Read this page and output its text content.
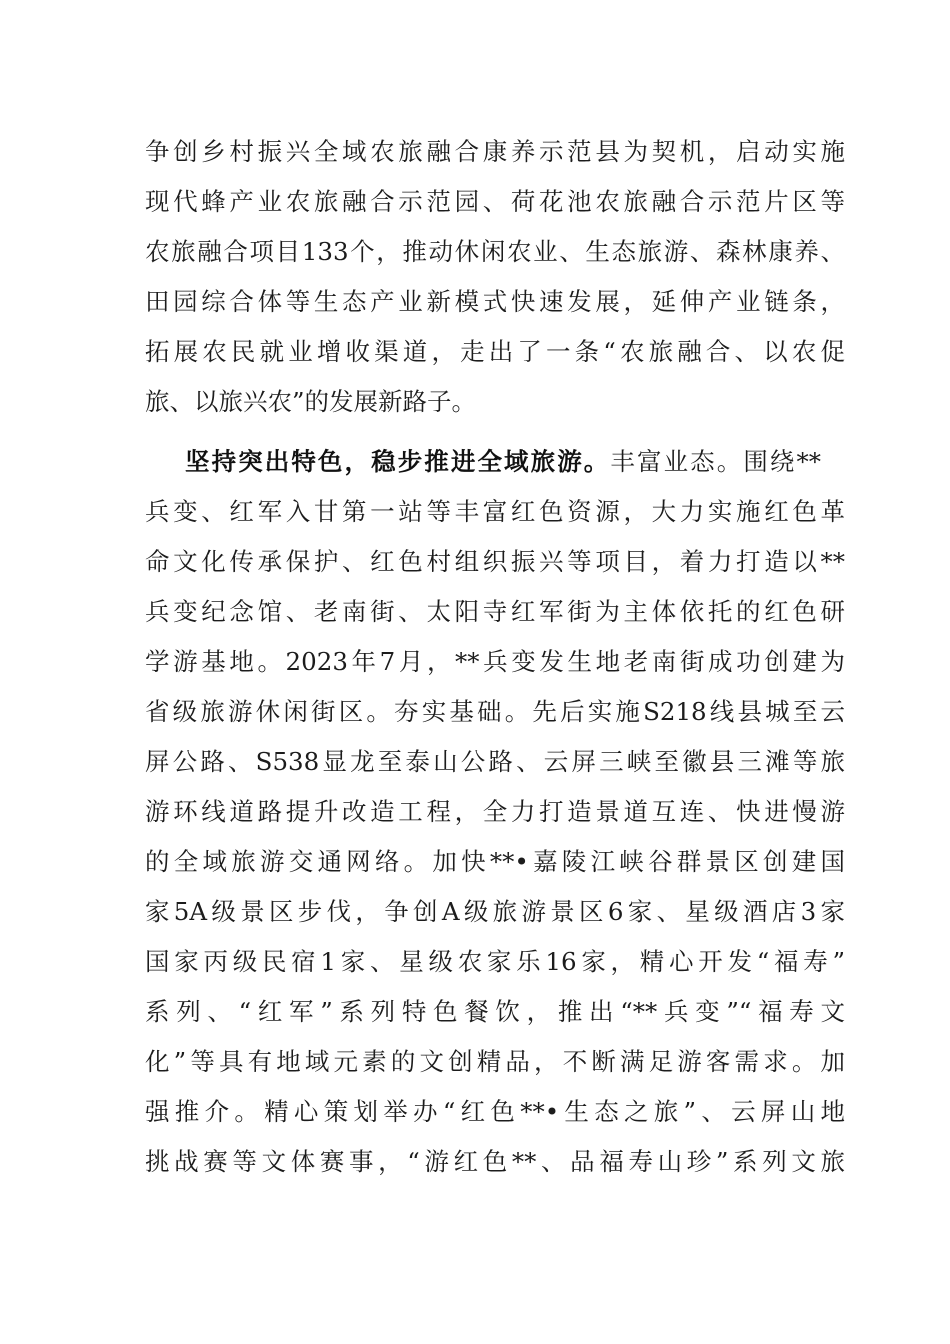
争创乡村振兴全域农旅融合康养示范县为契机，启动实施
现代蜂产业农旅融合示范园、荷花池农旅融合示范片区等
农旅融合项目133个，推动休闲农业、生态旅游、森林康养、
田园综合体等生态产业新模式快速发展，延伸产业链条，
拓展农民就业增收渠道，走出了一条“农旅融合、以农促
旅、以旅兴农”的发展新路子。
坚持突出特色，稳步推进全域旅游。丰富业态。围绕**
兵变、红军入甘第一站等丰富红色资源，大力实施红色革
命文化传承保护、红色村组织振兴等项目，着力打造以**
兵变纪念馆、老南街、太阳寺红军街为主体依托的红色研
学游基地。2023年7月，**兵变发生地老南街成功创建为
省级旅游休闲街区。夯实基础。先后实施S218线县城至云
屏公路、S538显龙至泰山公路、云屏三峡至徽县三滩等旅
游环线道路提升改造工程，全力打造景道互连、快进慢游
的全域旅游交通网络。加快**•嘉陵江峡谷群景区创建国
家5A级景区步伐，争创A级旅游景区6家、星级酒店3家
国家丙级民宿1家、星级农家乐16家，精心开发“福寿”
系列、“红军”系列特色餐饮，推出“**兵变”“福寿文
化”等具有地域元素的文创精品，不断满足游客需求。加
强推介。精心策划举办“红色**•生态之旅”、云屏山地
挑战赛等文体赛事，“游红色**、品福寿山珍”系列文旅
